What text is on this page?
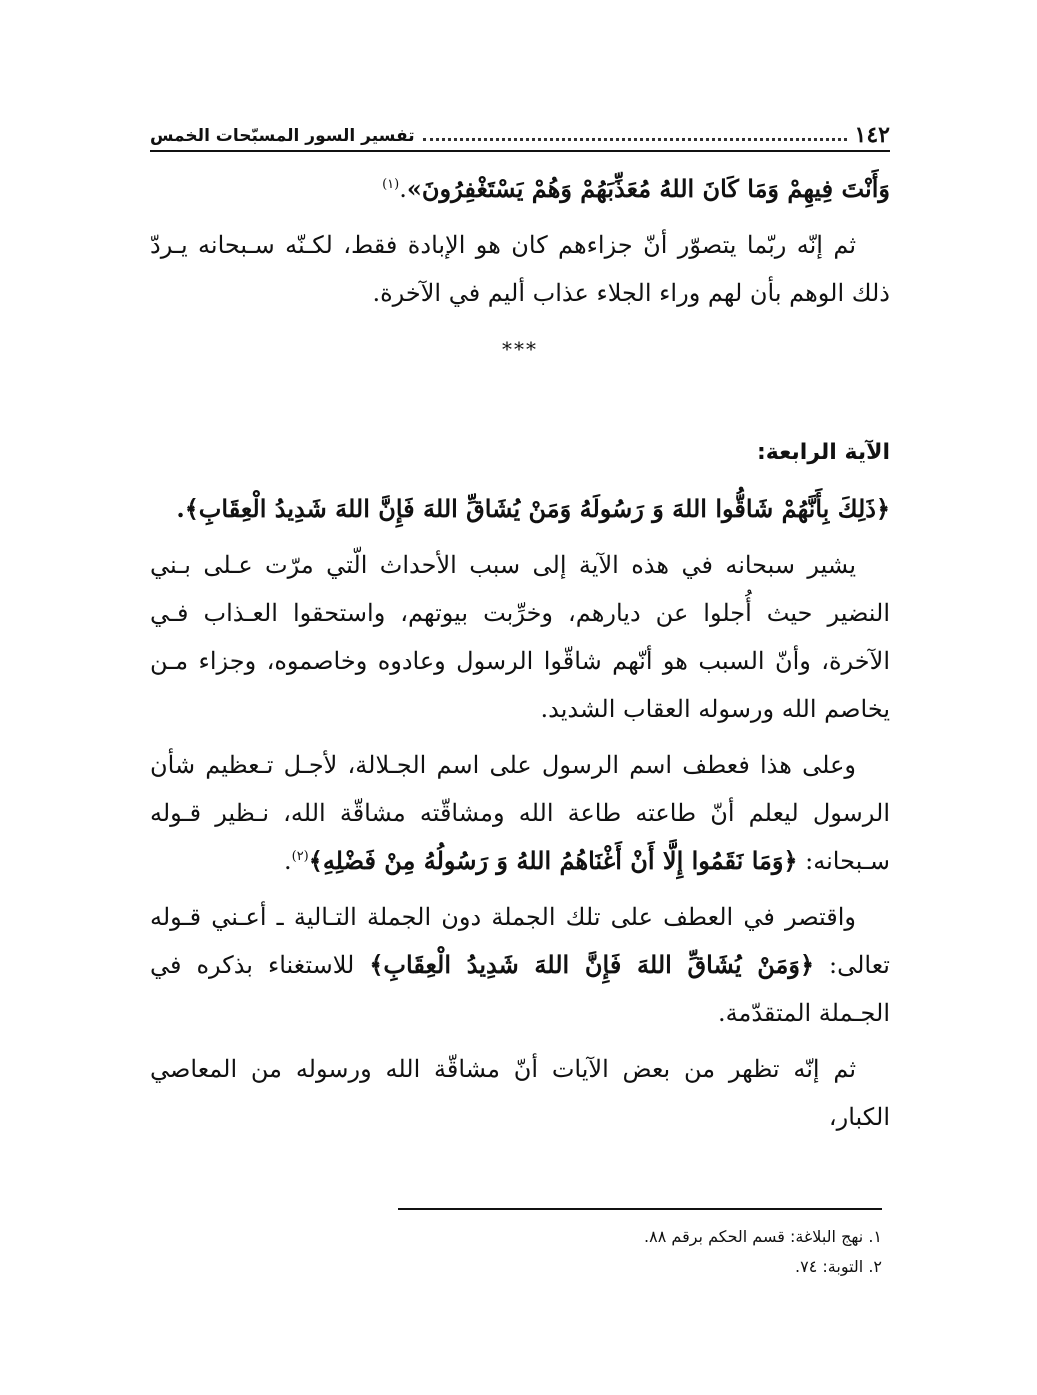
١٤٢
تفسير السور المسبّحات الخمس

وَأَنْتَ فِيهِمْ وَمَا كَانَ اللهُ مُعَذِّبَهُمْ وَهُمْ يَسْتَغْفِرُونَ».$^{(١)}$

ثم إنّه ربّما يتصوّر أنّ جزاءهم كان هو الإبادة فقط، لكـنّه سـبحانه يـردّ ذلك الوهم بأن لهم وراء الجلاء عذاب أليم في الآخرة.

***

الآية الرابعة:

﴿ذَلِكَ بِأَنَّهُمْ شَاقُّوا اللهَ وَ رَسُولَهُ وَمَنْ يُشَاقِّ اللهَ فَإِنَّ اللهَ شَدِيدُ الْعِقَابِ﴾.

يشير سبحانه في هذه الآية إلى سبب الأحداث الّتي مرّت عـلى بـني النضير حيث أُجلوا عن ديارهم، وخرِّبت بيوتهم، واستحقوا العـذاب فـي الآخرة، وأنّ السبب هو أنّهم شاقّوا الرسول وعادوه وخاصموه، وجزاء مـن يخاصم الله ورسوله العقاب الشديد.

وعلى هذا فعطف اسم الرسول على اسم الجـلالة، لأجـل تـعظيم شأن الرسول ليعلم أنّ طاعته طاعة الله ومشاقّته مشاقّة الله، نـظير قـوله سـبحانه: ﴿وَمَا نَقَمُوا إِلَّا أَنْ أَغْنَاهُمُ اللهُ وَ رَسُولُهُ مِنْ فَضْلِهِ﴾$^{(٢)}$.

واقتصر في العطف على تلك الجملة دون الجملة التـالية ـ أعـني قـوله تعالى: ﴿وَمَنْ يُشَاقِّ اللهَ فَإِنَّ اللهَ شَدِيدُ الْعِقَابِ﴾ للاستغناء بذكره في الجـملة المتقدّمة.

ثم إنّه تظهر من بعض الآيات أنّ مشاقّة الله ورسوله من المعاصي الكبار،

١. نهج البلاغة: قسم الحكم برقم ٨٨.
٢. التوبة: ٧٤.
